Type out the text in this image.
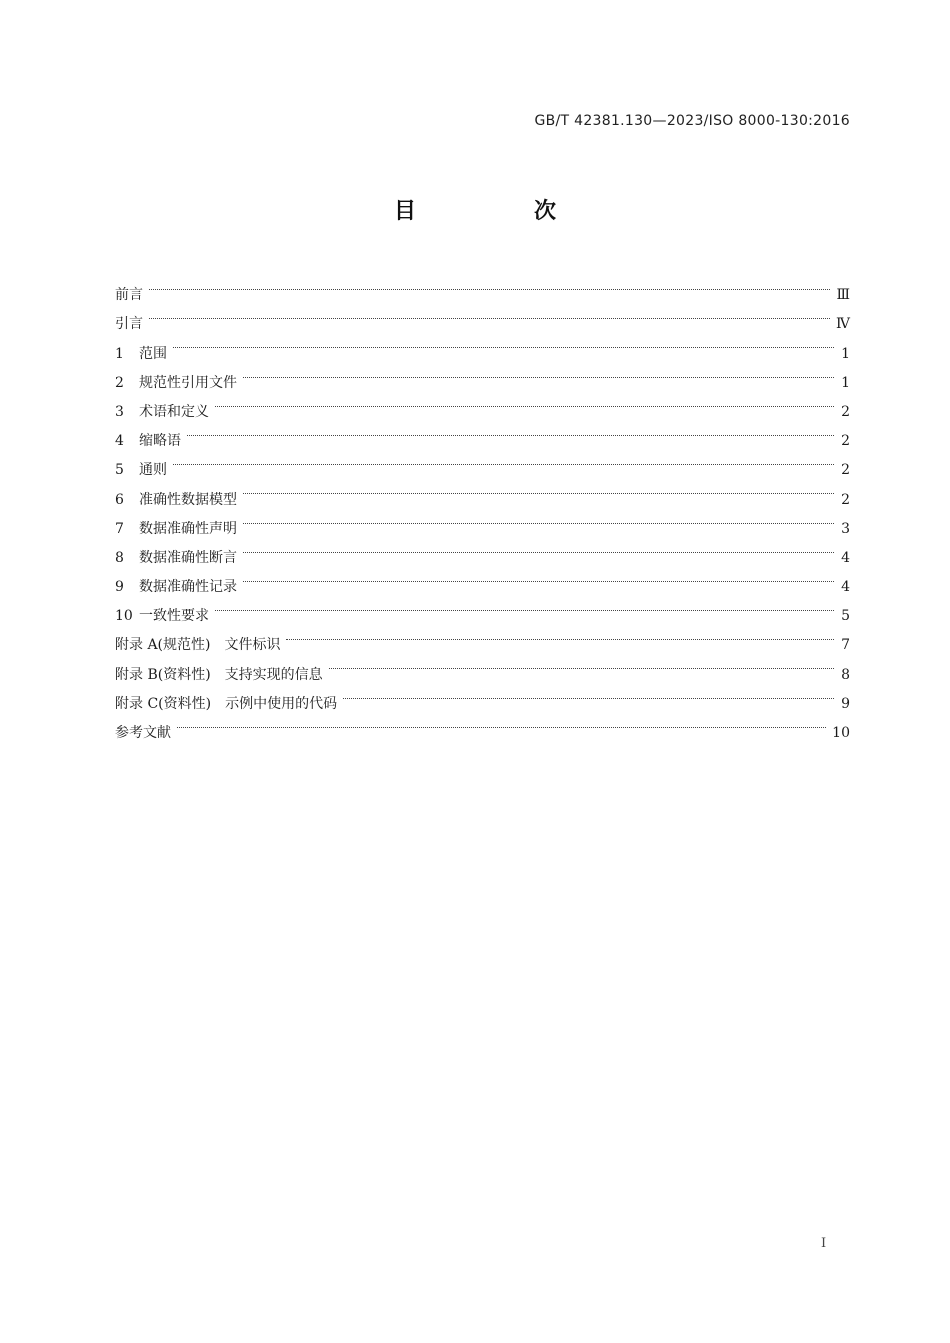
GB/T 42381.130—2023/ISO 8000-130:2016
目　次
前言	Ⅲ
引言	Ⅳ
1 范围	1
2 规范性引用文件	1
3 术语和定义	2
4 缩略语	2
5 通则	2
6 准确性数据模型	2
7 数据准确性声明	3
8 数据准确性断言	4
9 数据准确性记录	4
10 一致性要求	5
附录 A(规范性)　文件标识	7
附录 B(资料性)　支持实现的信息	8
附录 C(资料性)　示例中使用的代码	9
参考文献	10
I
